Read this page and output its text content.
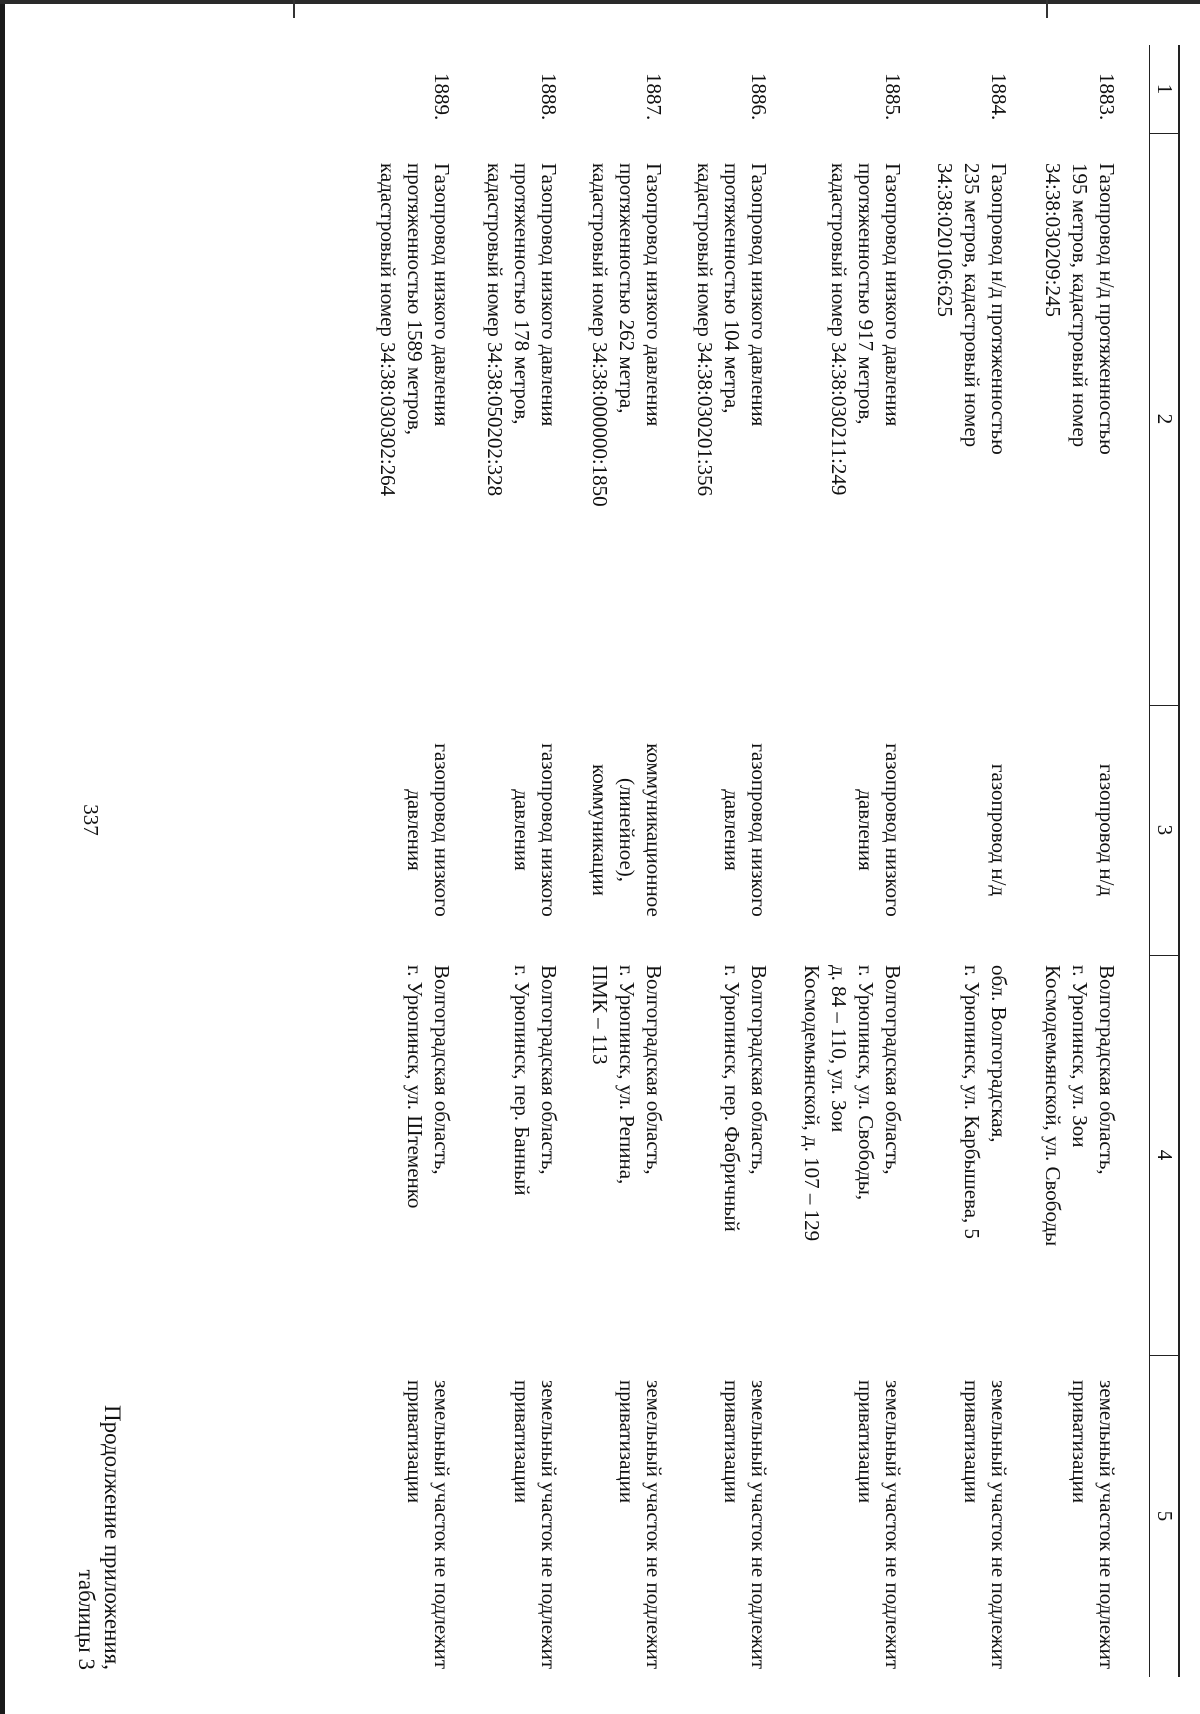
337
Продолжение приложения,
таблицы 3
1
2
3
4
5
1883.
Газопровод н/д протяженностью
195 метров, кадастровый номер
34:38:030209:245
газопровод н/д
Волгоградская область,
г. Урюпинск, ул. Зои
Космодемьянской, ул. Свободы
земельный участок не подлежит
приватизации
1884.
Газопровод н/д протяженностью
235 метров, кадастровый номер
34:38:020106:625
газопровод н/д
обл. Волгоградская,
г. Урюпинск, ул. Карбышева, 5
земельный участок не подлежит
приватизации
1885.
Газопровод низкого давления
протяженностью 917 метров,
кадастровый номер 34:38:030211:249
газопровод низкого
давления
Волгоградская область,
г. Урюпинск, ул. Свободы,
д. 84 – 110, ул. Зои
Космодемьянской, д. 107 – 129
земельный участок не подлежит
приватизации
1886.
Газопровод низкого давления
протяженностью 104 метра,
кадастровый номер 34:38:030201:356
газопровод низкого
давления
Волгоградская область,
г. Урюпинск, пер. Фабричный
земельный участок не подлежит
приватизации
1887.
Газопровод низкого давления
протяженностью 262 метра,
кадастровый номер 34:38:000000:1850
коммуникационное
(линейное),
коммуникации
Волгоградская область,
г. Урюпинск, ул. Репина,
ПМК – 113
земельный участок не подлежит
приватизации
1888.
Газопровод низкого давления
протяженностью 178 метров,
кадастровый номер 34:38:050202:328
газопровод низкого
давления
Волгоградская область,
г. Урюпинск, пер. Банный
земельный участок не подлежит
приватизации
1889.
Газопровод низкого давления
протяженностью 1589 метров,
кадастровый номер 34:38:030302:264
газопровод низкого
давления
Волгоградская область,
г. Урюпинск, ул. Штеменко
земельный участок не подлежит
приватизации
